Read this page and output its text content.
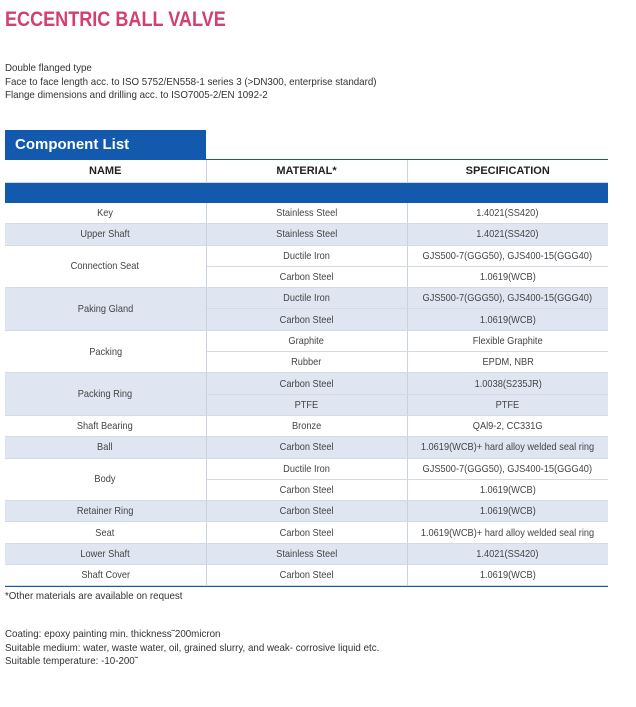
ECCENTRIC BALL VALVE
Double flanged type
Face to face length acc. to ISO 5752/EN558-1 series 3 (>DN300, enterprise standard)
Flange dimensions and drilling acc. to ISO7005-2/EN 1092-2
Component List
NAME	MATERIAL*	SPECIFICATION

Key	Stainless Steel	1.4021(SS420)
Upper Shaft	Stainless Steel	1.4021(SS420)
Connection Seat	Ductile Iron	GJS500-7(GGG50), GJS400-15(GGG40)
	Carbon Steel	1.0619(WCB)
Paking Gland	Ductile Iron	GJS500-7(GGG50), GJS400-15(GGG40)
	Carbon Steel	1.0619(WCB)
Packing	Graphite	Flexible Graphite
	Rubber	EPDM, NBR
Packing Ring	Carbon Steel	1.0038(S235JR)
	PTFE	PTFE
Shaft Bearing	Bronze	QAl9-2, CC331G
Ball	Carbon Steel	1.0619(WCB)+ hard alloy welded seal ring
Body	Ductile Iron	GJS500-7(GGG50), GJS400-15(GGG40)
	Carbon Steel	1.0619(WCB)
Retainer Ring	Carbon Steel	1.0619(WCB)
Seat	Carbon Steel	1.0619(WCB)+ hard alloy welded seal ring
Lower Shaft	Stainless Steel	1.4021(SS420)
Shaft Cover	Carbon Steel	1.0619(WCB)
*Other materials are available on request
Coating: epoxy painting min. thickness˜200micron
Suitable medium: water, waste water, oil, grained slurry, and weak- corrosive liquid etc.
Suitable temperature: -10-200˜
